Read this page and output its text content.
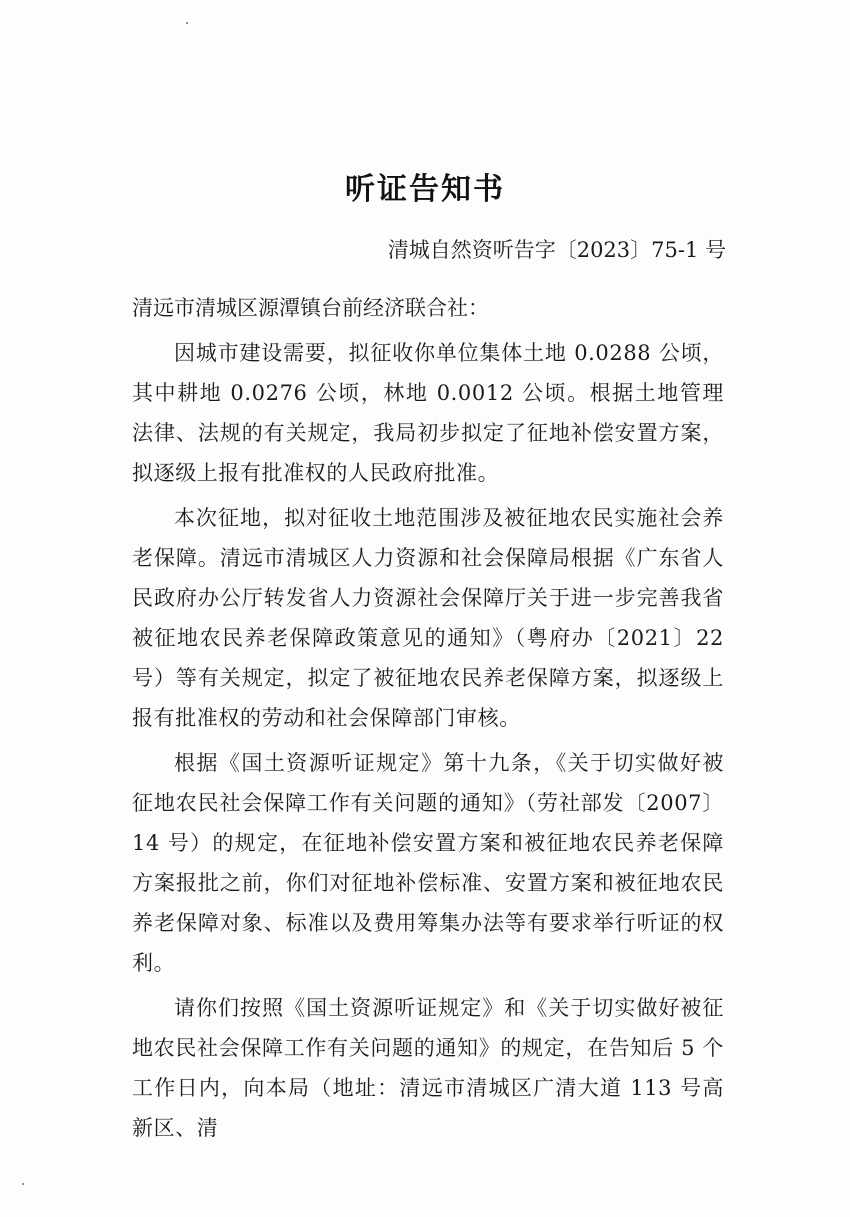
听证告知书
清城自然资听告字〔2023〕75-1 号

清远市清城区源潭镇台前经济联合社：

因城市建设需要，拟征收你单位集体土地 0.0288 公顷，其中耕地 0.0276 公顷，林地 0.0012 公顷。根据土地管理法律、法规的有关规定，我局初步拟定了征地补偿安置方案，拟逐级上报有批准权的人民政府批准。

本次征地，拟对征收土地范围涉及被征地农民实施社会养老保障。清远市清城区人力资源和社会保障局根据《广东省人民政府办公厅转发省人力资源社会保障厅关于进一步完善我省被征地农民养老保障政策意见的通知》（粤府办〔2021〕22 号）等有关规定，拟定了被征地农民养老保障方案，拟逐级上报有批准权的劳动和社会保障部门审核。

根据《国土资源听证规定》第十九条，《关于切实做好被征地农民社会保障工作有关问题的通知》（劳社部发〔2007〕14 号）的规定，在征地补偿安置方案和被征地农民养老保障方案报批之前，你们对征地补偿标准、安置方案和被征地农民养老保障对象、标准以及费用筹集办法等有要求举行听证的权利。

请你们按照《国土资源听证规定》和《关于切实做好被征地农民社会保障工作有关问题的通知》的规定，在告知后 5 个工作日内，向本局（地址：清远市清城区广清大道 113 号高新区、清
